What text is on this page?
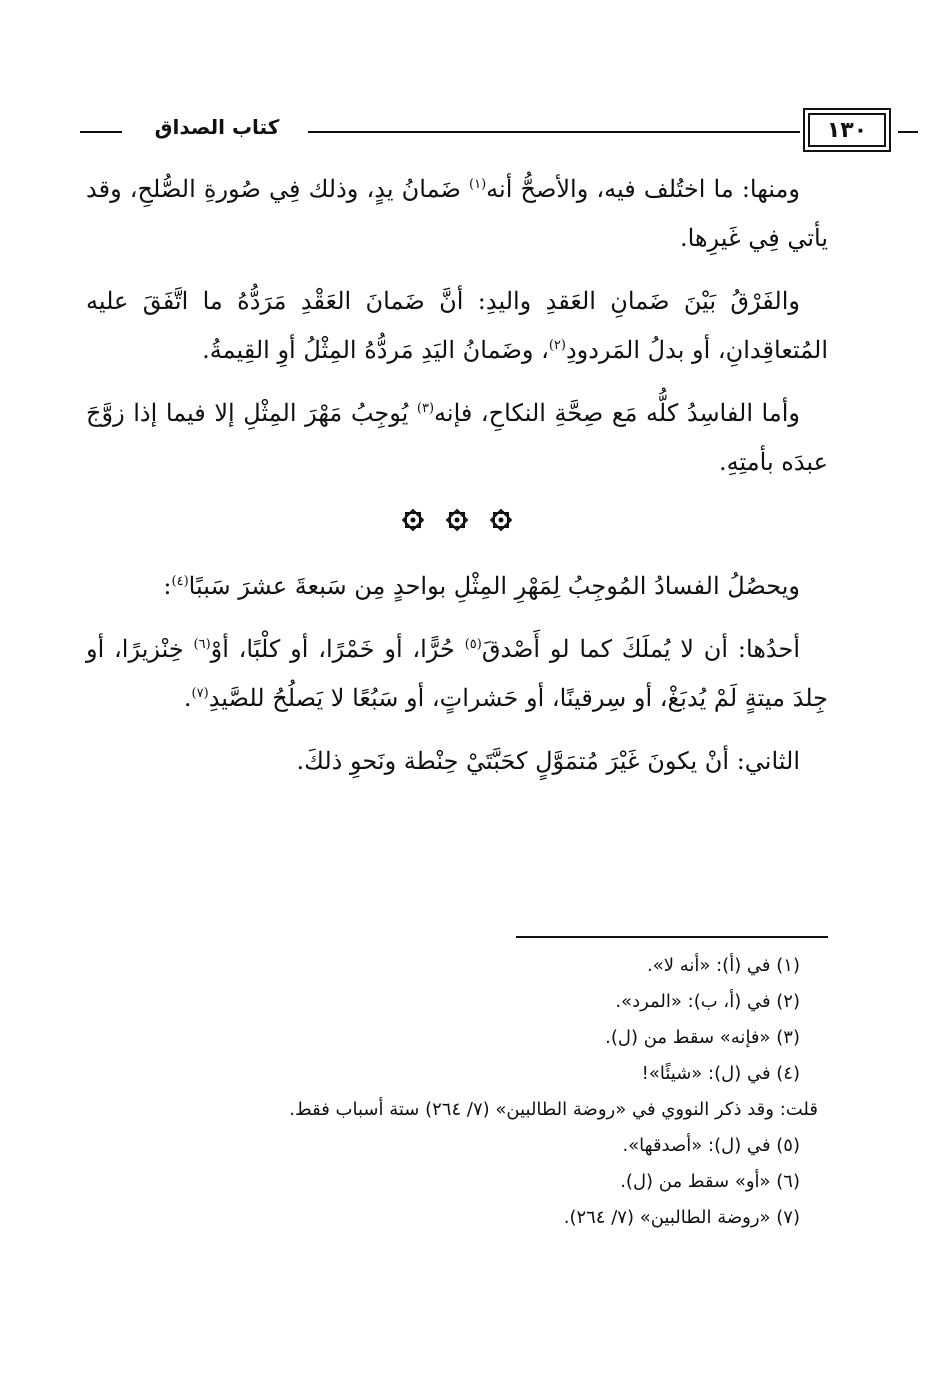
كتاب الصداق	١٣٠

ومنها: ما اختُلف فيه، والأصحُّ أنه$^{(١)}$ ضَمانُ يدٍ، وذلك فِي صُورةِ الصُّلحِ، وقد يأتي فِي غَيرِها.

والفَرْقُ بَيْنَ ضَمانِ العَقدِ واليدِ: أنَّ ضَمانَ العَقْدِ مَرَدُّهُ ما اتَّفَقَ عليه المُتعاقِدانِ، أو بدلُ المَردودِ$^{(٢)}$، وضَمانُ اليَدِ مَردُّهُ المِثْلُ أوِ القِيمةُ.

وأما الفاسِدُ كلُّه مَع صِحَّةِ النكاحِ، فإنه$^{(٣)}$ يُوجِبُ مَهْرَ المِثْلِ إلا فيما إذا زوَّجَ عبدَه بأمتِهِ.

ويحصُلُ الفسادُ المُوجِبُ لِمَهْرِ المِثْلِ بواحدٍ مِن سَبعةَ عشرَ سَببًا$^{(٤)}$:

أحدُها: أن لا يُملَكَ كما لو أَصْدقَ$^{(٥)}$ حُرًّا، أو خَمْرًا، أو كلْبًا، أوْ$^{(٦)}$ خِنْزيرًا، أو جِلدَ ميتةٍ لَمْ يُدبَغْ، أو سِرقينًا، أو حَشراتٍ، أو سَبُعًا لا يَصلُحُ للصَّيدِ$^{(٧)}$.

الثاني: أنْ يكونَ غَيْرَ مُتمَوَّلٍ كحَبَّتَيْ حِنْطة ونَحوِ ذلكَ.

(١) في (أ): «أنه لا».
(٢) في (أ، ب): «المرد».
(٣) «فإنه» سقط من (ل).
(٤) في (ل): «شيئًا»!
قلت: وقد ذكر النووي في «روضة الطالبين» (٧/ ٢٦٤) ستة أسباب فقط.
(٥) في (ل): «أصدقها».
(٦) «أو» سقط من (ل).
(٧) «روضة الطالبين» (٧/ ٢٦٤).
